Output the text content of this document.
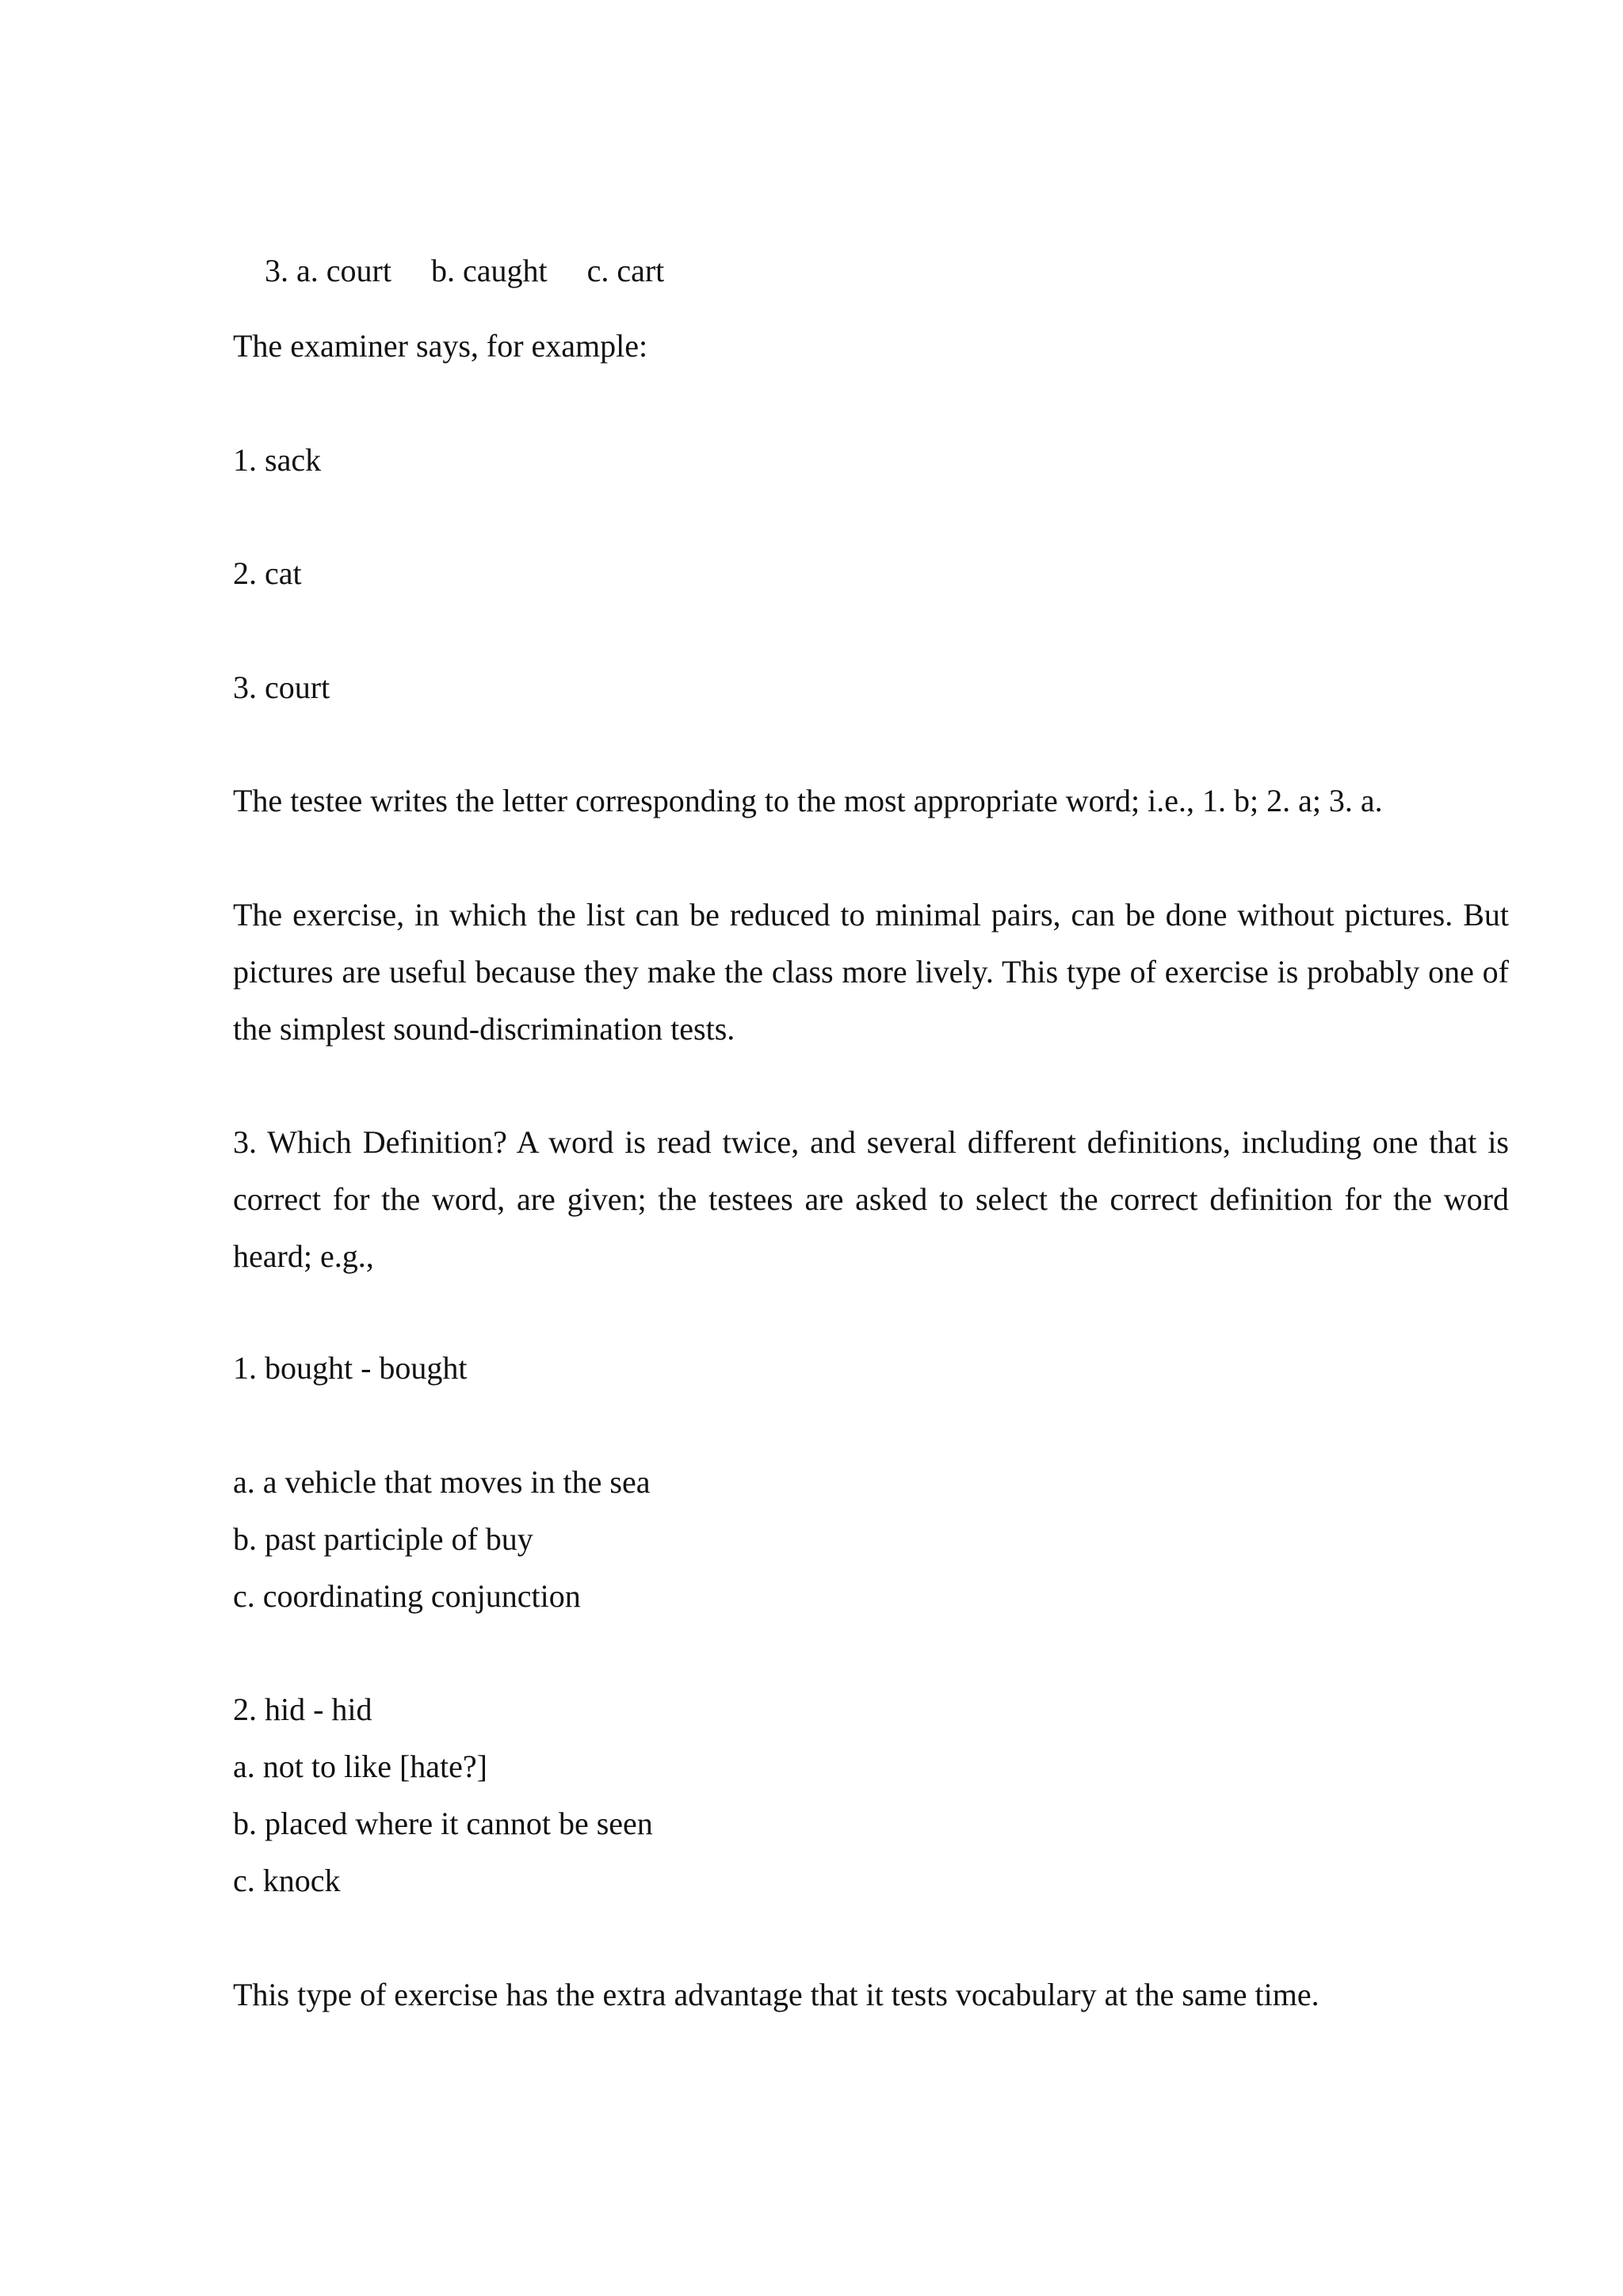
3. a. court b. caught c. cart

The examiner says, for example:
1. sack
2. cat
3. court
The testee writes the letter corresponding to the most appropriate word; i.e., 1. b; 2. a; 3. a.

The exercise, in which the list can be reduced to minimal pairs, can be done without pictures. But pictures are useful because they make the class more lively. This type of exercise is probably one of the simplest sound-discrimination tests.

3. Which Definition? A word is read twice, and several different definitions, including one that is correct for the word, are given; the testees are asked to select the correct definition for the word heard; e.g.,

1. bought - bought
a. a vehicle that moves in the sea
b. past participle of buy
c. coordinating conjunction
2. hid - hid
a. not to like [hate?]
b. placed where it cannot be seen
c. knock
This type of exercise has the extra advantage that it tests vocabulary at the same time.
